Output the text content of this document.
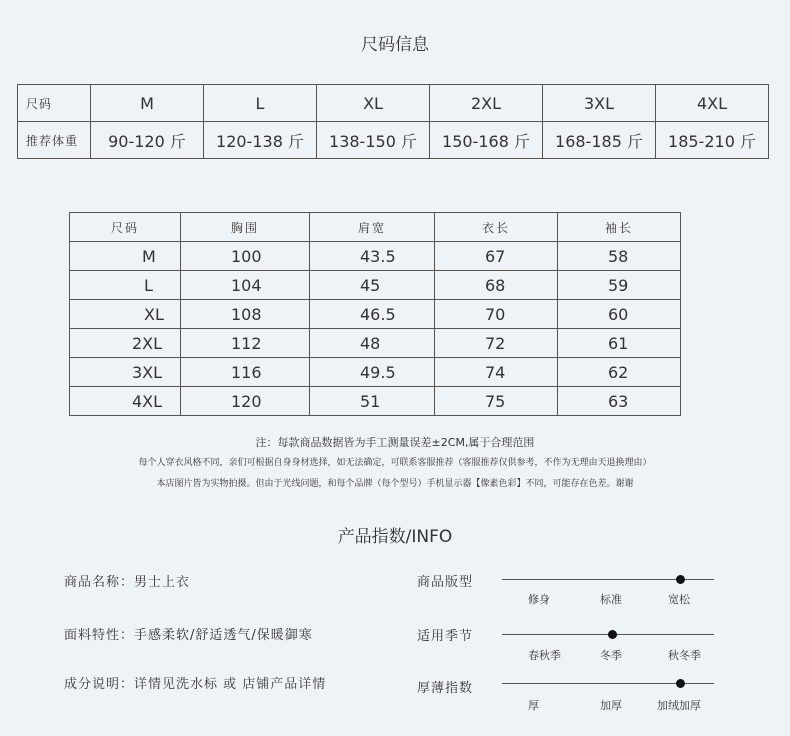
尺码信息
尺码	M	L	XL	2XL	3XL	4XL
推荐体重	90-120 斤	120-138 斤	138-150 斤	150-168 斤	168-185 斤	185-210 斤
尺码	胸围	肩宽	衣长	袖长
M	100	43.5	67	58
L	104	45	68	59
XL	108	46.5	70	60
2XL	112	48	72	61
3XL	116	49.5	74	62
4XL	120	51	75	63
注：每款商品数据皆为手工测量误差±2CM,属于合理范围
每个人穿衣风格不同，亲们可根据自身身材选择，如无法确定，可联系客服推荐（客服推荐仅供参考，不作为无理由天退换理由）
本店图片皆为实物拍摄。但由于光线问题，和每个品牌（每个型号）手机显示器【像素色彩】不同，可能存在色差。谢谢
产品指数/INFO
商品名称：男士上衣
面料特性：手感柔软/舒适透气/保暖御寒
成分说明：详情见洗水标 或 店铺产品详情
商品版型
修身	标准	宽松
适用季节
春秋季	冬季	秋冬季
厚薄指数
厚	加厚	加绒加厚
